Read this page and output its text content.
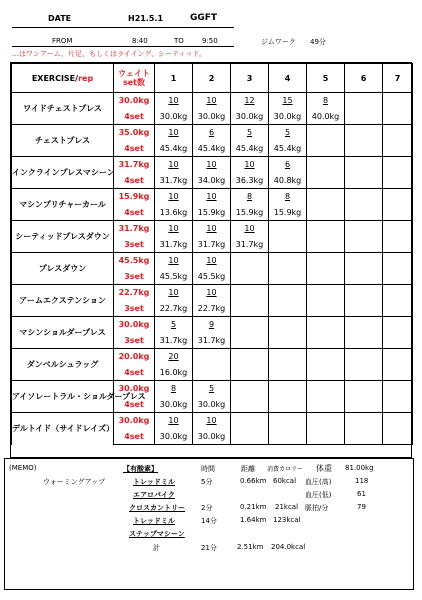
DATE	H21.5.1	GGFT
FROM	8:40	TO	9:50	ジムワーク 49分
…はワンアーム、片足、もしくはライイング、シーティッド。
EXERCISE/rep	ウェイト
set数	1	2	3	4	5	6	7

ワイドチェストプレス	30.0kg	10	10	12	15	8		
	4set	30.0kg	30.0kg	30.0kg	30.0kg	40.0kg		
チェストプレス	35.0kg	10	6	5	5			
	4set	45.4kg	45.4kg	45.4kg	45.4kg			
インクラインプレスマシーン	31.7kg	10	10	10	6			
	4set	31.7kg	34.0kg	36.3kg	40.8kg			
マシンプリチャーカール	15.9kg	10	10	8	8			
	4set	13.6kg	15.9kg	15.9kg	15.9kg			
シーティッドプレスダウン	31.7kg	10	10	10				
	3set	31.7kg	31.7kg	31.7kg				
プレスダウン	45.5kg	10	10					
	3set	45.5kg	45.5kg					
アームエクステンション	22.7kg	10	10					
	3set	22.7kg	22.7kg					
マシンショルダープレス	30.0kg	5	9					
	3set	31.7kg	31.7kg					
ダンベルシュラッグ	20.0kg	20						
	4set	16.0kg						
アイソレートラル・ショルダープレス	30.0kg	8	5					
	4set	30.0kg	30.0kg					
デルトイド（サイドレイズ）	30.0kg	10	10					
	4set	30.0kg	30.0kg					
(MEMO)	【有酸素】	時間	距離 消費カロリー 体重 81.00kg
ウォーミングアップ	トレッドミル	5分	0.66km 60kcal
エアロバイク
クロスカントリー 2分	0.21km 21kcal
トレッドミル	14分	1.64km 123kcal
ステップマシーン
計	21分	2.51km 204.0kcal
血圧(高)	118
血圧(低)	61
脈拍/分	79
